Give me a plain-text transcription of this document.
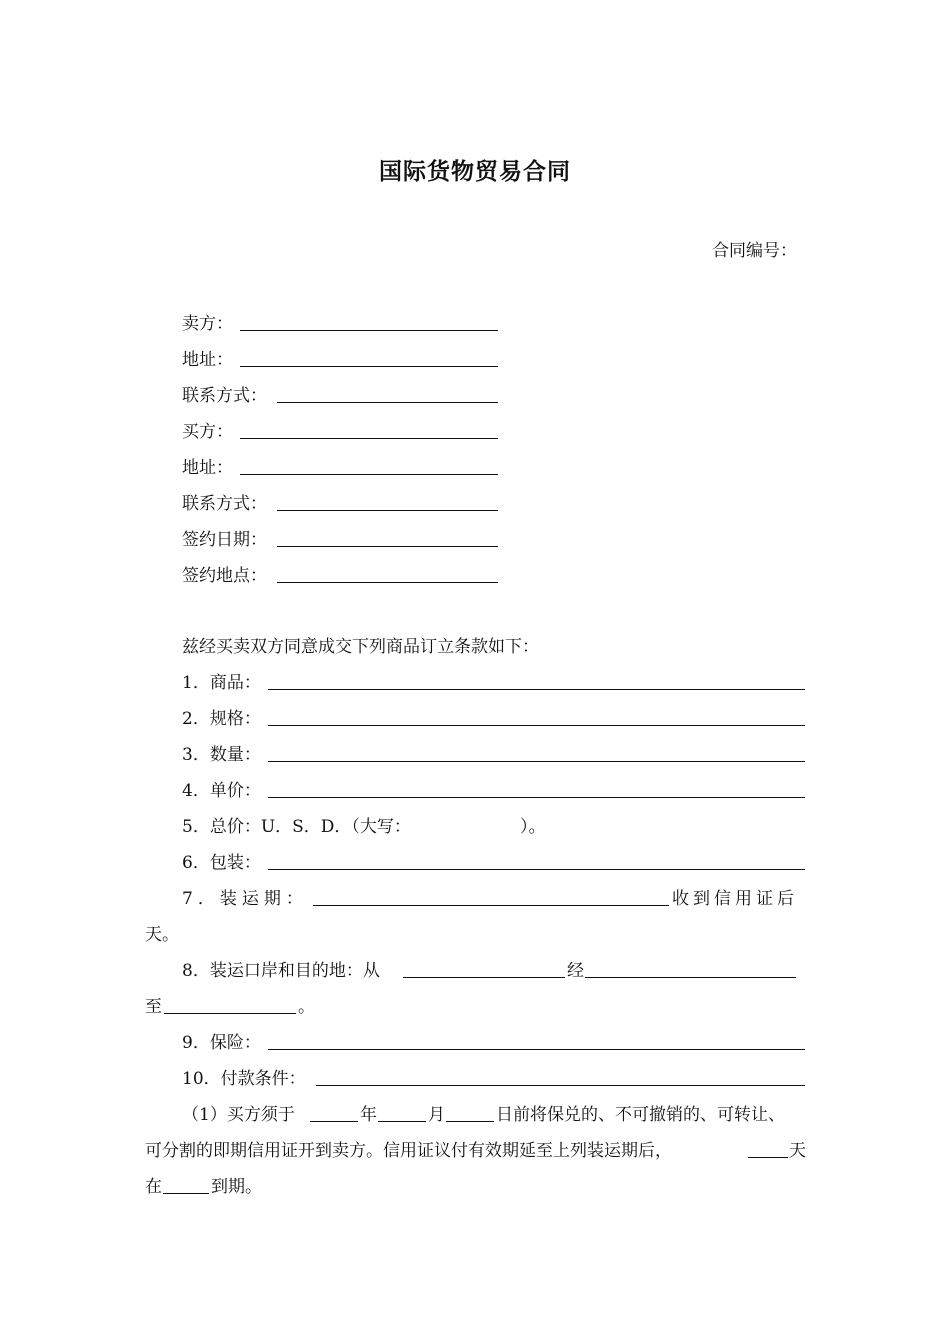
国际货物贸易合同
合同编号：
卖方：
地址：
联系方式：
买方：
地址：
联系方式：
签约日期：
签约地点：
兹经买卖双方同意成交下列商品订立条款如下：
1．商品：
2．规格：
3．数量：
4．单价：
5．总价：U．S．D．（大写：	）。
6．包装：
7．装运期：	收到信用证后
天。
8．装运口岸和目的地：从	经
至	。
9．保险：
10．付款条件：
（1）买方须于	年	月	日前将保兑的、不可撤销的、可转让、
可分割的即期信用证开到卖方。信用证议付有效期延至上列装运期后，	天
在	到期。
